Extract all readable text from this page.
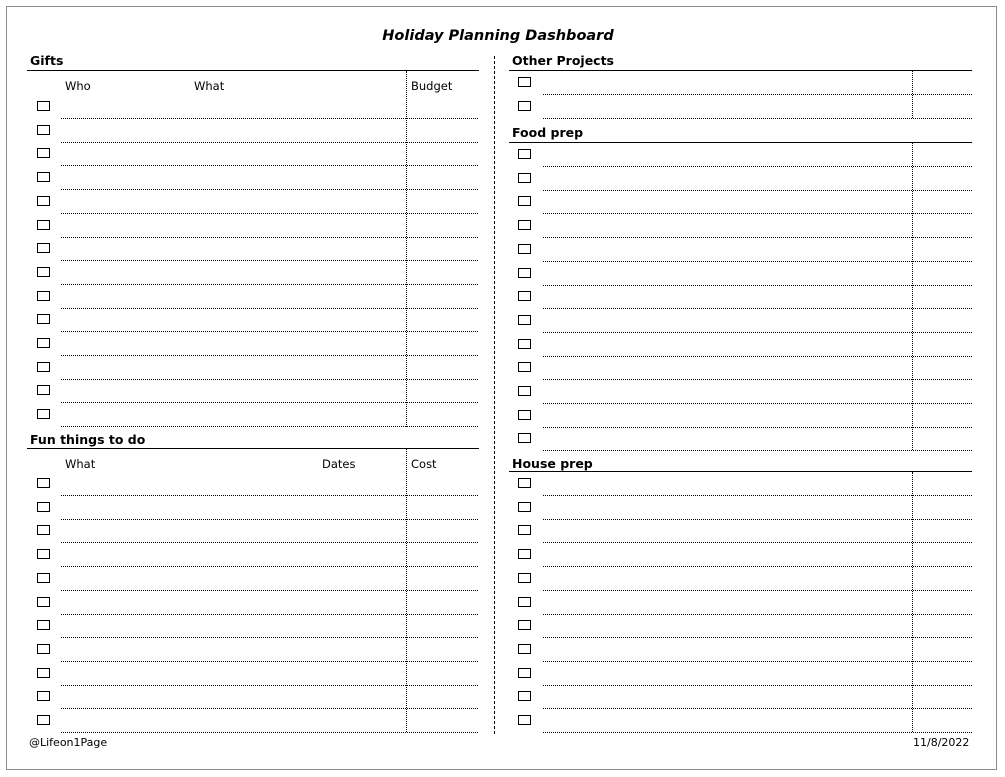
Holiday Planning Dashboard
Gifts
Who	What	Budget
Fun things to do
What	Dates	Cost
Other Projects
Food prep
House prep
@Lifeon1Page	11/8/2022
